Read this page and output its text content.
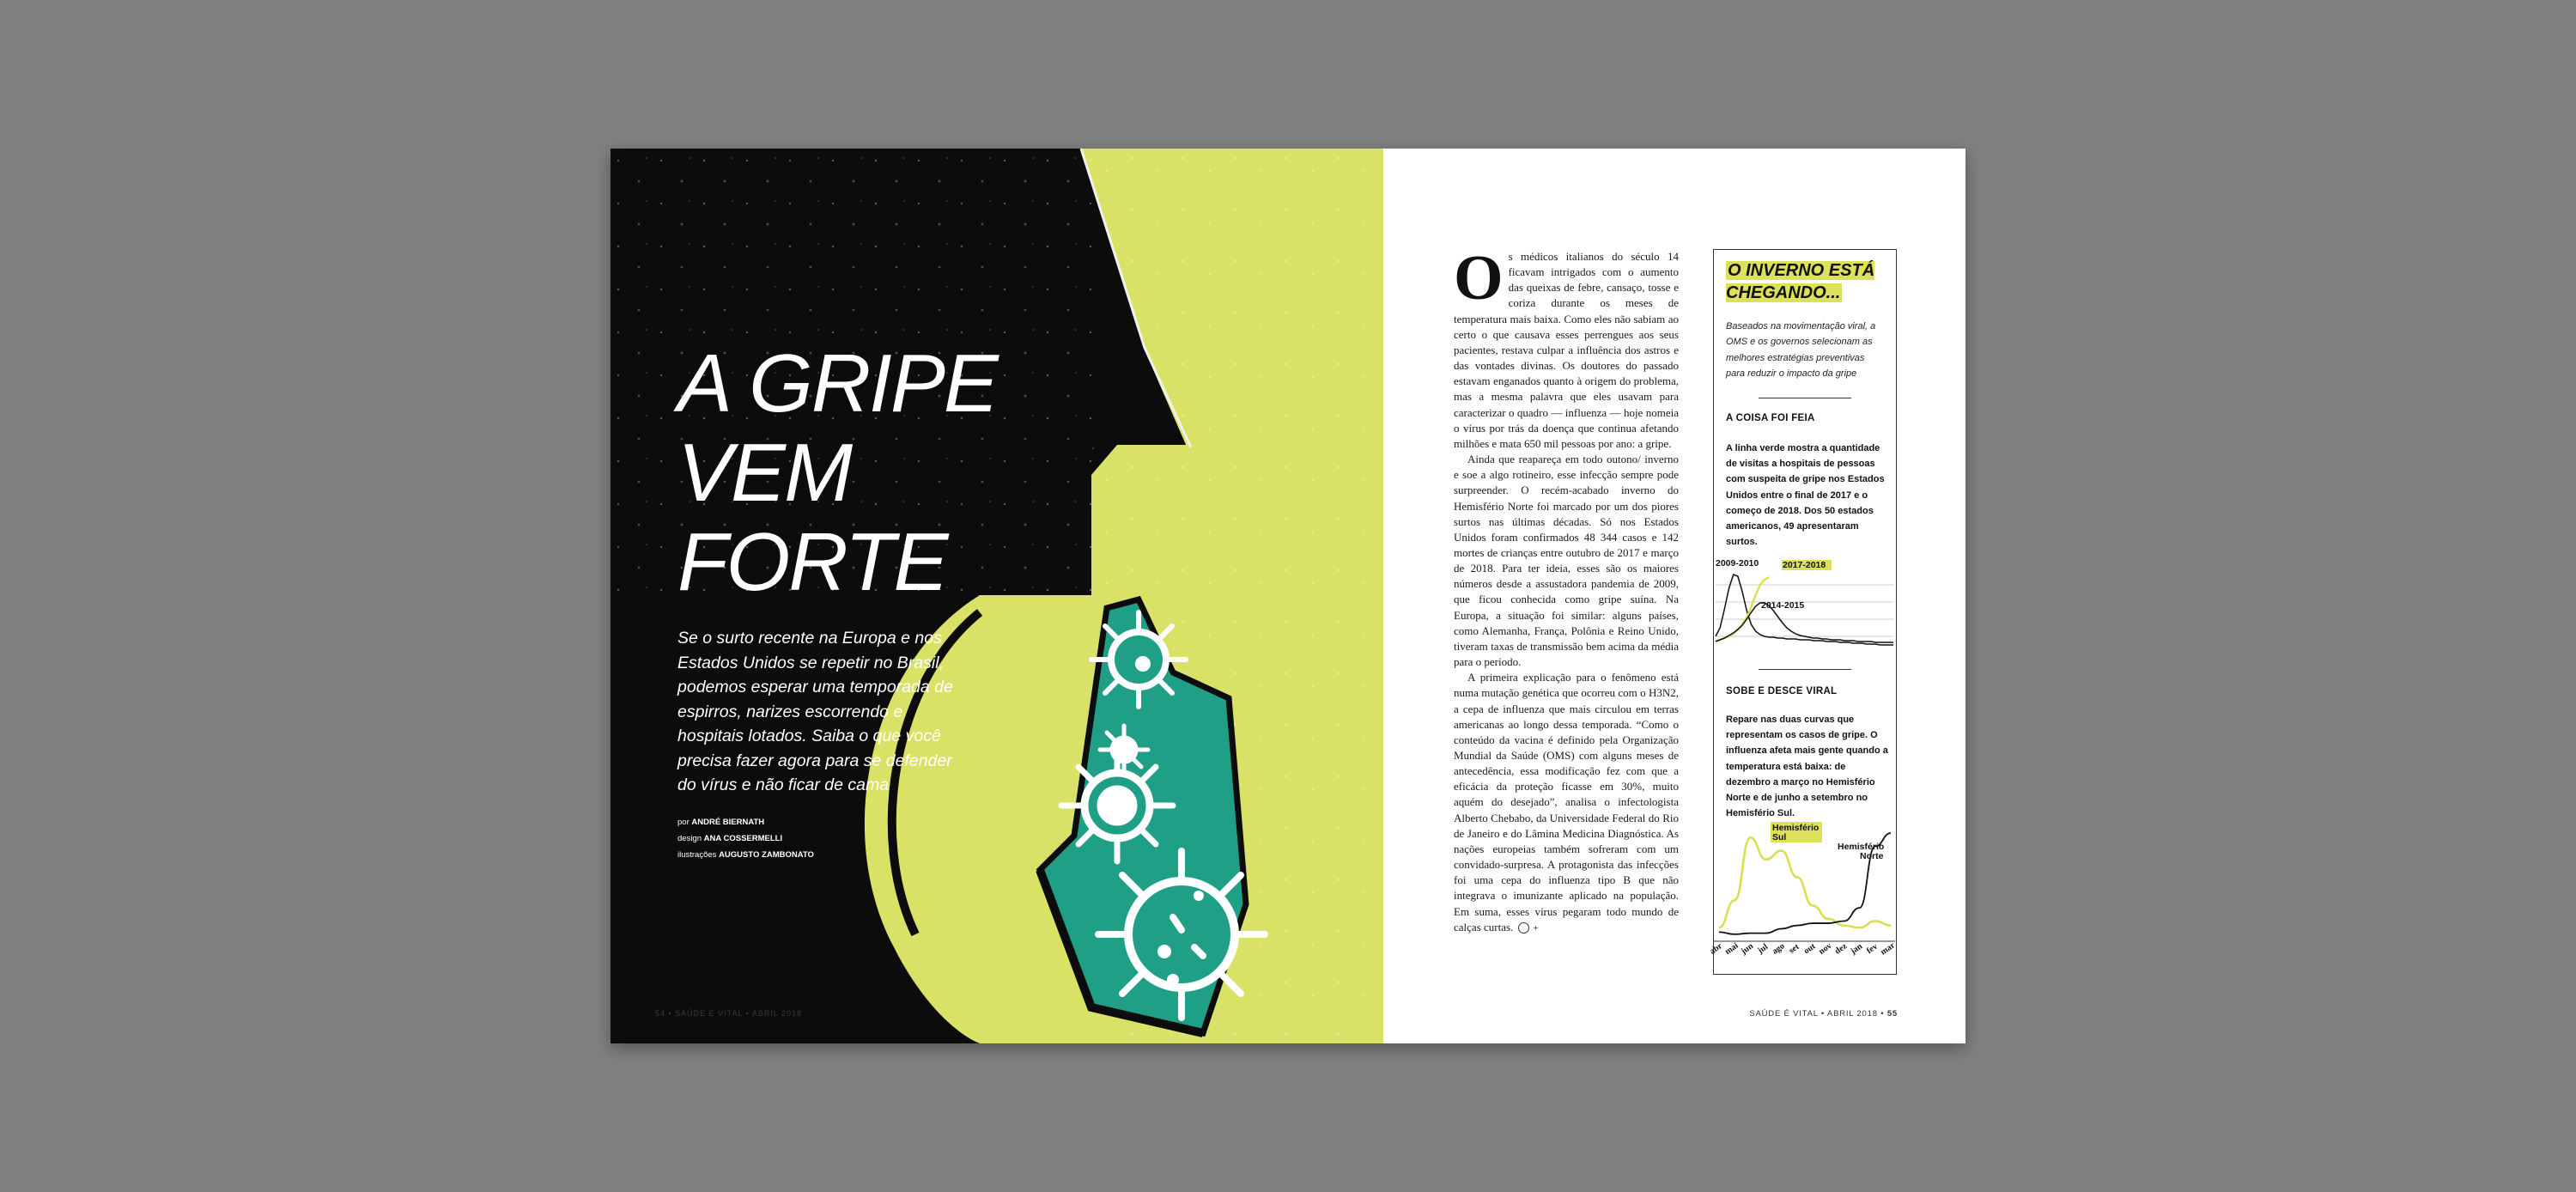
A GRIPE
VEM
FORTE

Se o surto recente na Europa e nos Estados Unidos se repetir no Brasil, podemos esperar uma temporada de espirros, narizes escorrendo e hospitais lotados. Saiba o que você precisa fazer agora para se defender do vírus e não ficar de cama

por ANDRÉ BIERNATH
design ANA COSSERMELLI
ilustrações AUGUSTO ZAMBONATO
54 • SAÚDE É VITAL • ABRIL 2018

Os médicos italianos do século 14 ficavam intrigados com o aumento das queixas de febre, cansaço, tosse e coriza durante os meses de temperatura mais baixa. Como eles não sabiam ao certo o que causava esses perrengues aos seus pacientes, restava culpar a influência dos astros e das vontades divinas. Os doutores do passado estavam enganados quanto à origem do problema, mas a mesma palavra que eles usavam para caracterizar o quadro — influenza — hoje nomeia o vírus por trás da doença que continua afetando milhões e mata 650 mil pessoas por ano: a gripe.

Ainda que reapareça em todo outono/ inverno e soe a algo rotineiro, esse infecção sempre pode surpreender. O recém-acabado inverno do Hemisfério Norte foi marcado por um dos piores surtos nas últimas décadas. Só nos Estados Unidos foram confirmados 48 344 casos e 142 mortes de crianças entre outubro de 2017 e março de 2018. Para ter ideia, esses são os maiores números desde a assustadora pandemia de 2009, que ficou conhecida como gripe suína. Na Europa, a situação foi similar: alguns países, como Alemanha, França, Polônia e Reino Unido, tiveram taxas de transmissão bem acima da média para o período.

A primeira explicação para o fenômeno está numa mutação genética que ocorreu com o H3N2, a cepa de influenza que mais circulou em terras americanas ao longo dessa temporada. “Como o conteúdo da vacina é definido pela Organização Mundial da Saúde (OMS) com alguns meses de antecedência, essa modificação fez com que a eficácia da proteção ficasse em 30%, muito aquém do desejado”, analisa o infectologista Alberto Chebabo, da Universidade Federal do Rio de Janeiro e do Lâmina Medicina Diagnóstica. As nações europeias também sofreram com um convidado-surpresa. A protagonista das infecções foi uma cepa do influenza tipo B que não integrava o imunizante aplicado na população. Em suma, esses vírus pegaram todo mundo de calças curtas.	+

O INVERNO ESTÁ CHEGANDO...

Baseados na movimentação viral, a OMS e os governos selecionam as melhores estratégias preventivas para reduzir o impacto da gripe

A COISA FOI FEIA

A linha verde mostra a quantidade de visitas a hospitais de pessoas com suspeita de gripe nos Estados Unidos entre o final de 2017 e o começo de 2018. Dos 50 estados americanos, 49 apresentaram surtos.

2009-2010	2017-2018
2014-2015
SOBE E DESCE VIRAL

Repare nas duas curvas que representam os casos de gripe. O influenza afeta mais gente quando a temperatura está baixa: de dezembro a março no Hemisfério Norte e de junho a setembro no Hemisfério Sul.

Hemisfério Sul
Hemisfério Norte
abr mai jun jul ago set out nov dez jan fev mar
SAÚDE É VITAL • ABRIL 2018 • 55
